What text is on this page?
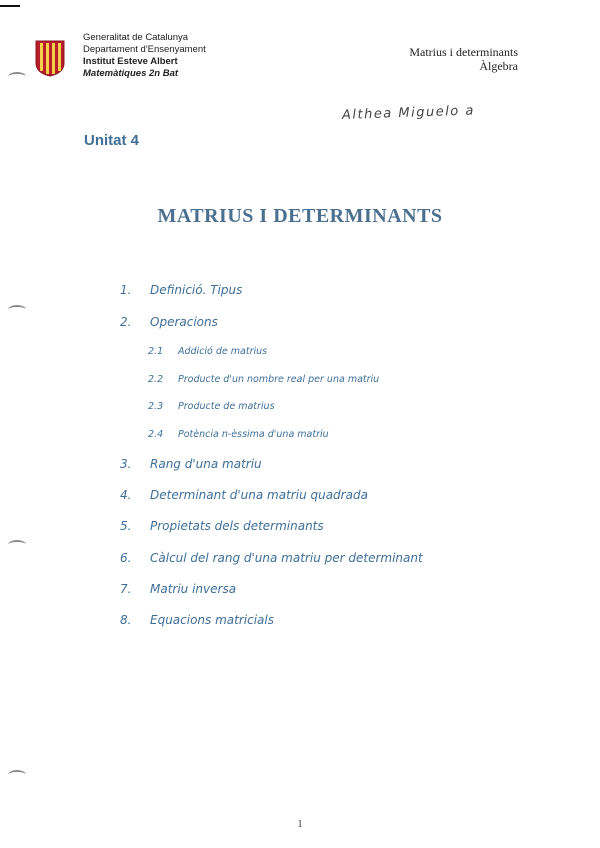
Generalitat de Catalunya
Departament d'Ensenyament
Institut Esteve Albert
Matemàtiques 2n Bat
Matrius i determinants
Àlgebra
Althea Miguelo a
Unitat 4
MATRIUS I DETERMINANTS
1. Definició. Tipus
2. Operacions
2.1 Addició de matrius
2.2 Producte d'un nombre real per una matriu
2.3 Producte de matrius
2.4 Potència n-èssima d'una matriu
3. Rang d'una matriu
4. Determinant d'una matriu quadrada
5. Propietats dels determinants
6. Càlcul del rang d'una matriu per determinant
7. Matriu inversa
8. Equacions matricials
1
